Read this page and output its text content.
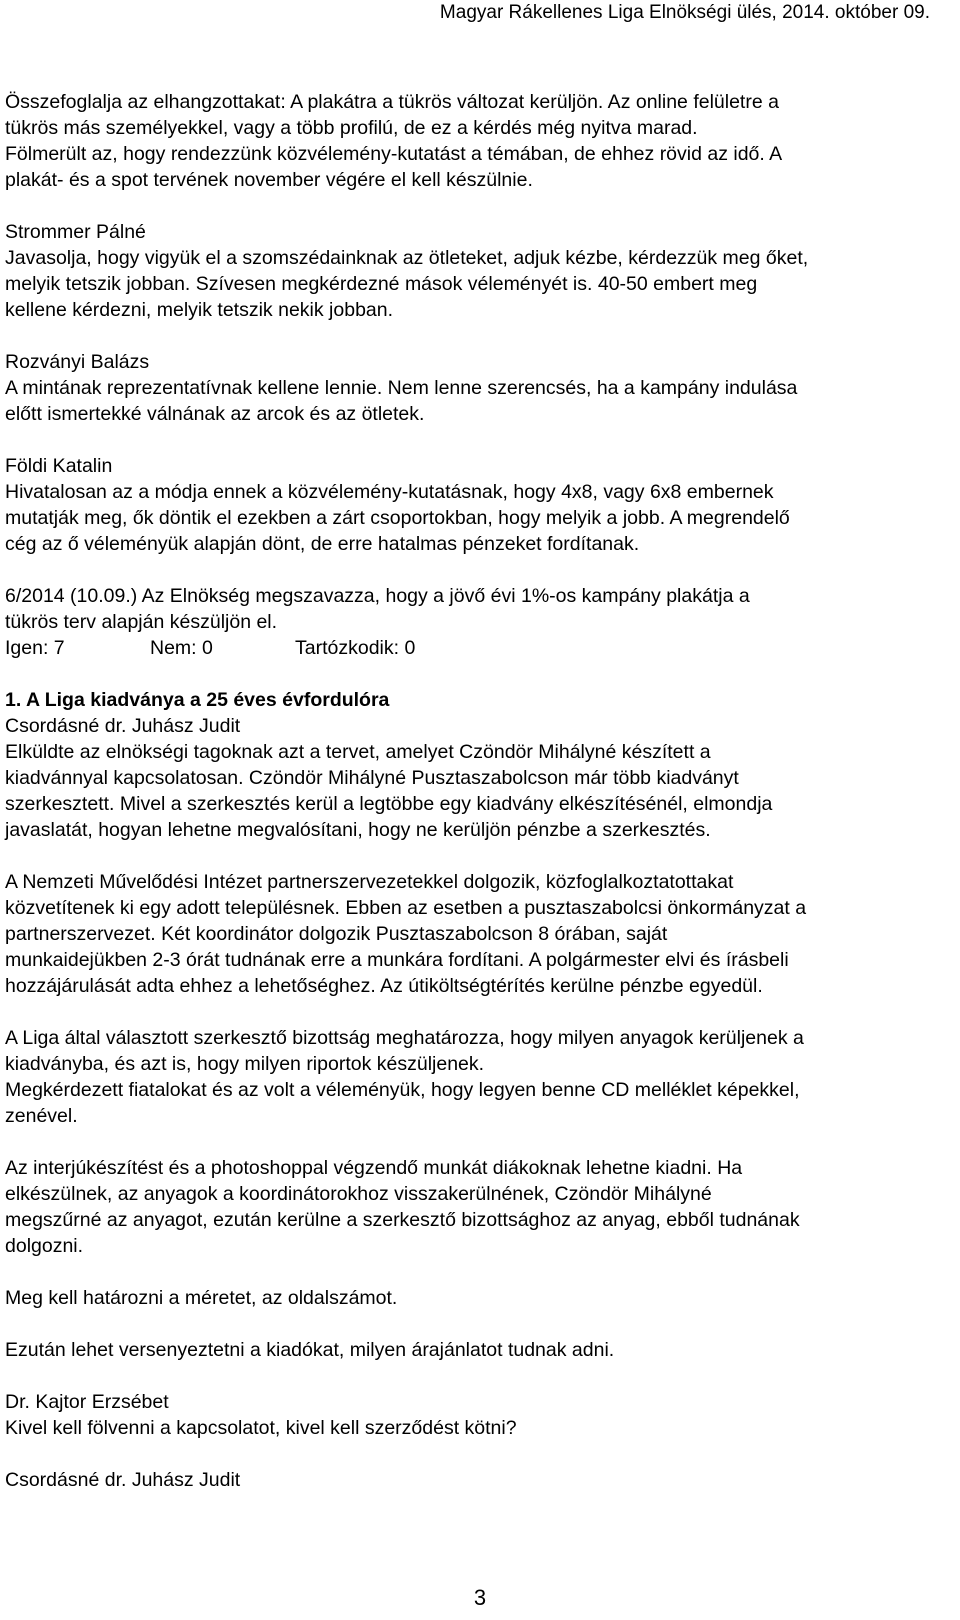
Magyar Rákellenes Liga Elnökségi ülés, 2014. október 09.
Összefoglalja az elhangzottakat: A plakátra a tükrös változat kerüljön. Az online felületre a
tükrös más személyekkel, vagy a több profilú, de ez a kérdés még nyitva marad.
Fölmerült az, hogy rendezzünk közvélemény-kutatást a témában, de ehhez rövid az idő. A
plakát- és a spot tervének november végére el kell készülnie.
Strommer Pálné
Javasolja, hogy vigyük el a szomszédainknak az ötleteket, adjuk kézbe, kérdezzük meg őket,
melyik tetszik jobban. Szívesen megkérdezné mások véleményét is. 40-50 embert meg
kellene kérdezni, melyik tetszik nekik jobban.
Rozványi Balázs
A mintának reprezentatívnak kellene lennie. Nem lenne szerencsés, ha a kampány indulása
előtt ismertekké válnának az arcok és az ötletek.
Földi Katalin
Hivatalosan az a módja ennek a közvélemény-kutatásnak, hogy 4x8, vagy 6x8 embernek
mutatják meg, ők döntik el ezekben a zárt csoportokban, hogy melyik a jobb. A megrendelő
cég az ő véleményük alapján dönt, de erre hatalmas pénzeket fordítanak.
6/2014 (10.09.) Az Elnökség megszavazza, hogy a jövő évi 1%-os kampány plakátja a
tükrös terv alapján készüljön el.
Igen: 7	Nem: 0	Tartózkodik: 0
1. A Liga kiadványa a 25 éves évfordulóra
Csordásné dr. Juhász Judit
Elküldte az elnökségi tagoknak azt a tervet, amelyet Czöndör Mihályné készített a
kiadvánnyal kapcsolatosan. Czöndör Mihályné Pusztaszabolcson már több kiadványt
szerkesztett. Mivel a szerkesztés kerül a legtöbbe egy kiadvány elkészítésénél, elmondja
javaslatát, hogyan lehetne megvalósítani, hogy ne kerüljön pénzbe a szerkesztés.
A Nemzeti Művelődési Intézet partnerszervezetekkel dolgozik, közfoglalkoztatottakat
közvetítenek ki egy adott településnek. Ebben az esetben a pusztaszabolcsi önkormányzat a
partnerszervezet. Két koordinátor dolgozik Pusztaszabolcson 8 órában, saját
munkaidejükben 2-3 órát tudnának erre a munkára fordítani. A polgármester elvi és írásbeli
hozzájárulását adta ehhez a lehetőséghez. Az útiköltségtérítés kerülne pénzbe egyedül.
A Liga által választott szerkesztő bizottság meghatározza, hogy milyen anyagok kerüljenek a
kiadványba, és azt is, hogy milyen riportok készüljenek.
Megkérdezett fiatalokat és az volt a véleményük, hogy legyen benne CD melléklet képekkel,
zenével.
Az interjúkészítést és a photoshoppal végzendő munkát diákoknak lehetne kiadni. Ha
elkészülnek, az anyagok a koordinátorokhoz visszakerülnének, Czöndör Mihályné
megszűrné az anyagot, ezután kerülne a szerkesztő bizottsághoz az anyag, ebből tudnának
dolgozni.
Meg kell határozni a méretet, az oldalszámot.
Ezután lehet versenyeztetni a kiadókat, milyen árajánlatot tudnak adni.
Dr. Kajtor Erzsébet
Kivel kell fölvenni a kapcsolatot, kivel kell szerződést kötni?
Csordásné dr. Juhász Judit
3
